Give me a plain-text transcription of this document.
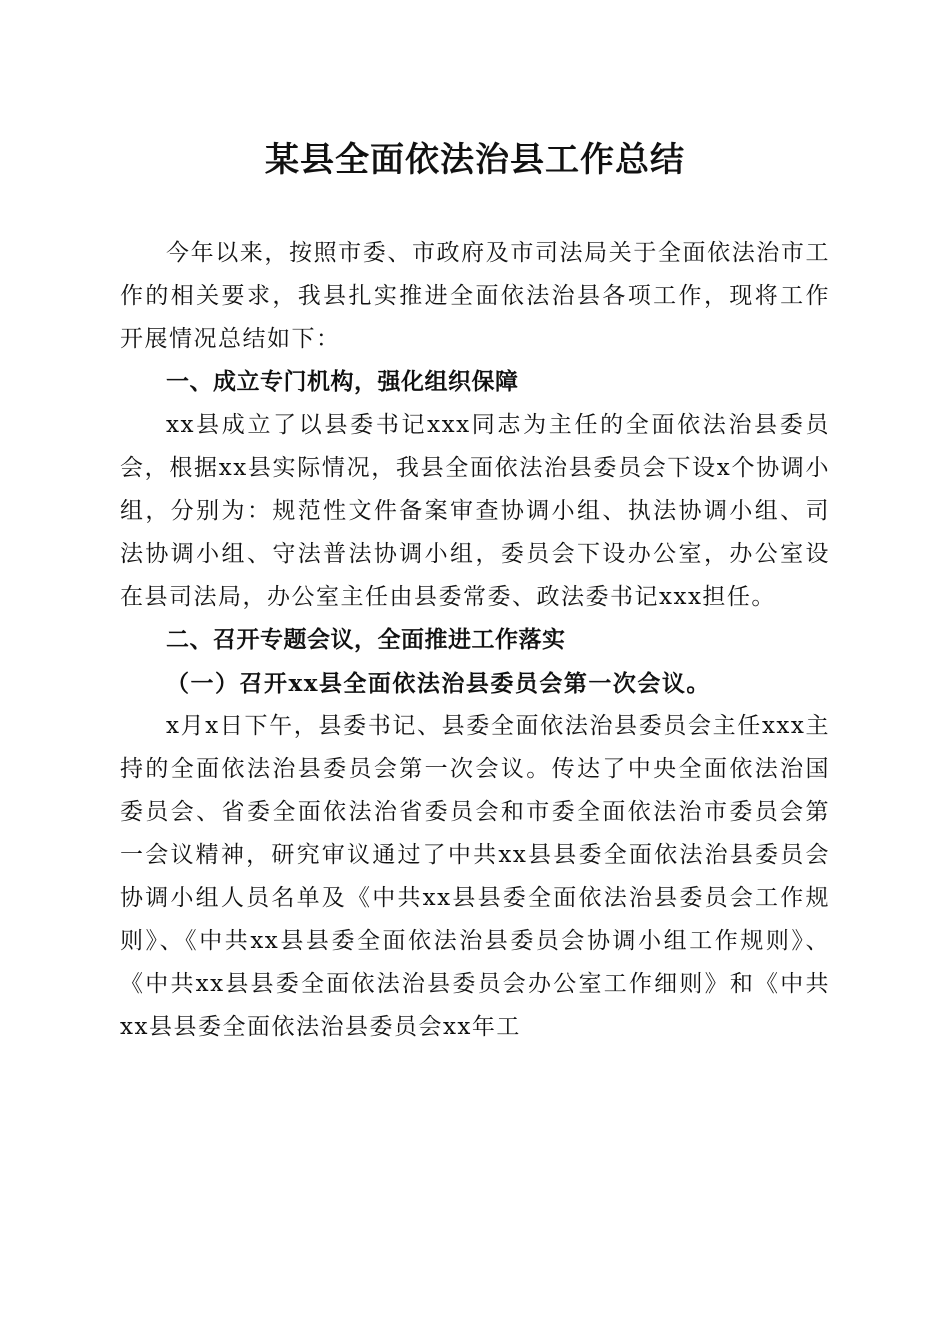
某县全面依法治县工作总结

今年以来，按照市委、市政府及市司法局关于全面依法治市工作的相关要求，我县扎实推进全面依法治县各项工作，现将工作开展情况总结如下：

一、成立专门机构，强化组织保障

xx县成立了以县委书记xxx同志为主任的全面依法治县委员会，根据xx县实际情况，我县全面依法治县委员会下设x个协调小组，分别为：规范性文件备案审查协调小组、执法协调小组、司法协调小组、守法普法协调小组，委员会下设办公室，办公室设在县司法局，办公室主任由县委常委、政法委书记xxx担任。

二、召开专题会议，全面推进工作落实

（一）召开xx县全面依法治县委员会第一次会议。

x月x日下午，县委书记、县委全面依法治县委员会主任xxx主持的全面依法治县委员会第一次会议。传达了中央全面依法治国委员会、省委全面依法治省委员会和市委全面依法治市委员会第一会议精神，研究审议通过了中共xx县县委全面依法治县委员会协调小组人员名单及《中共xx县县委全面依法治县委员会工作规则》、《中共xx县县委全面依法治县委员会协调小组工作规则》、《中共xx县县委全面依法治县委员会办公室工作细则》和《中共xx县县委全面依法治县委员会xx年工
